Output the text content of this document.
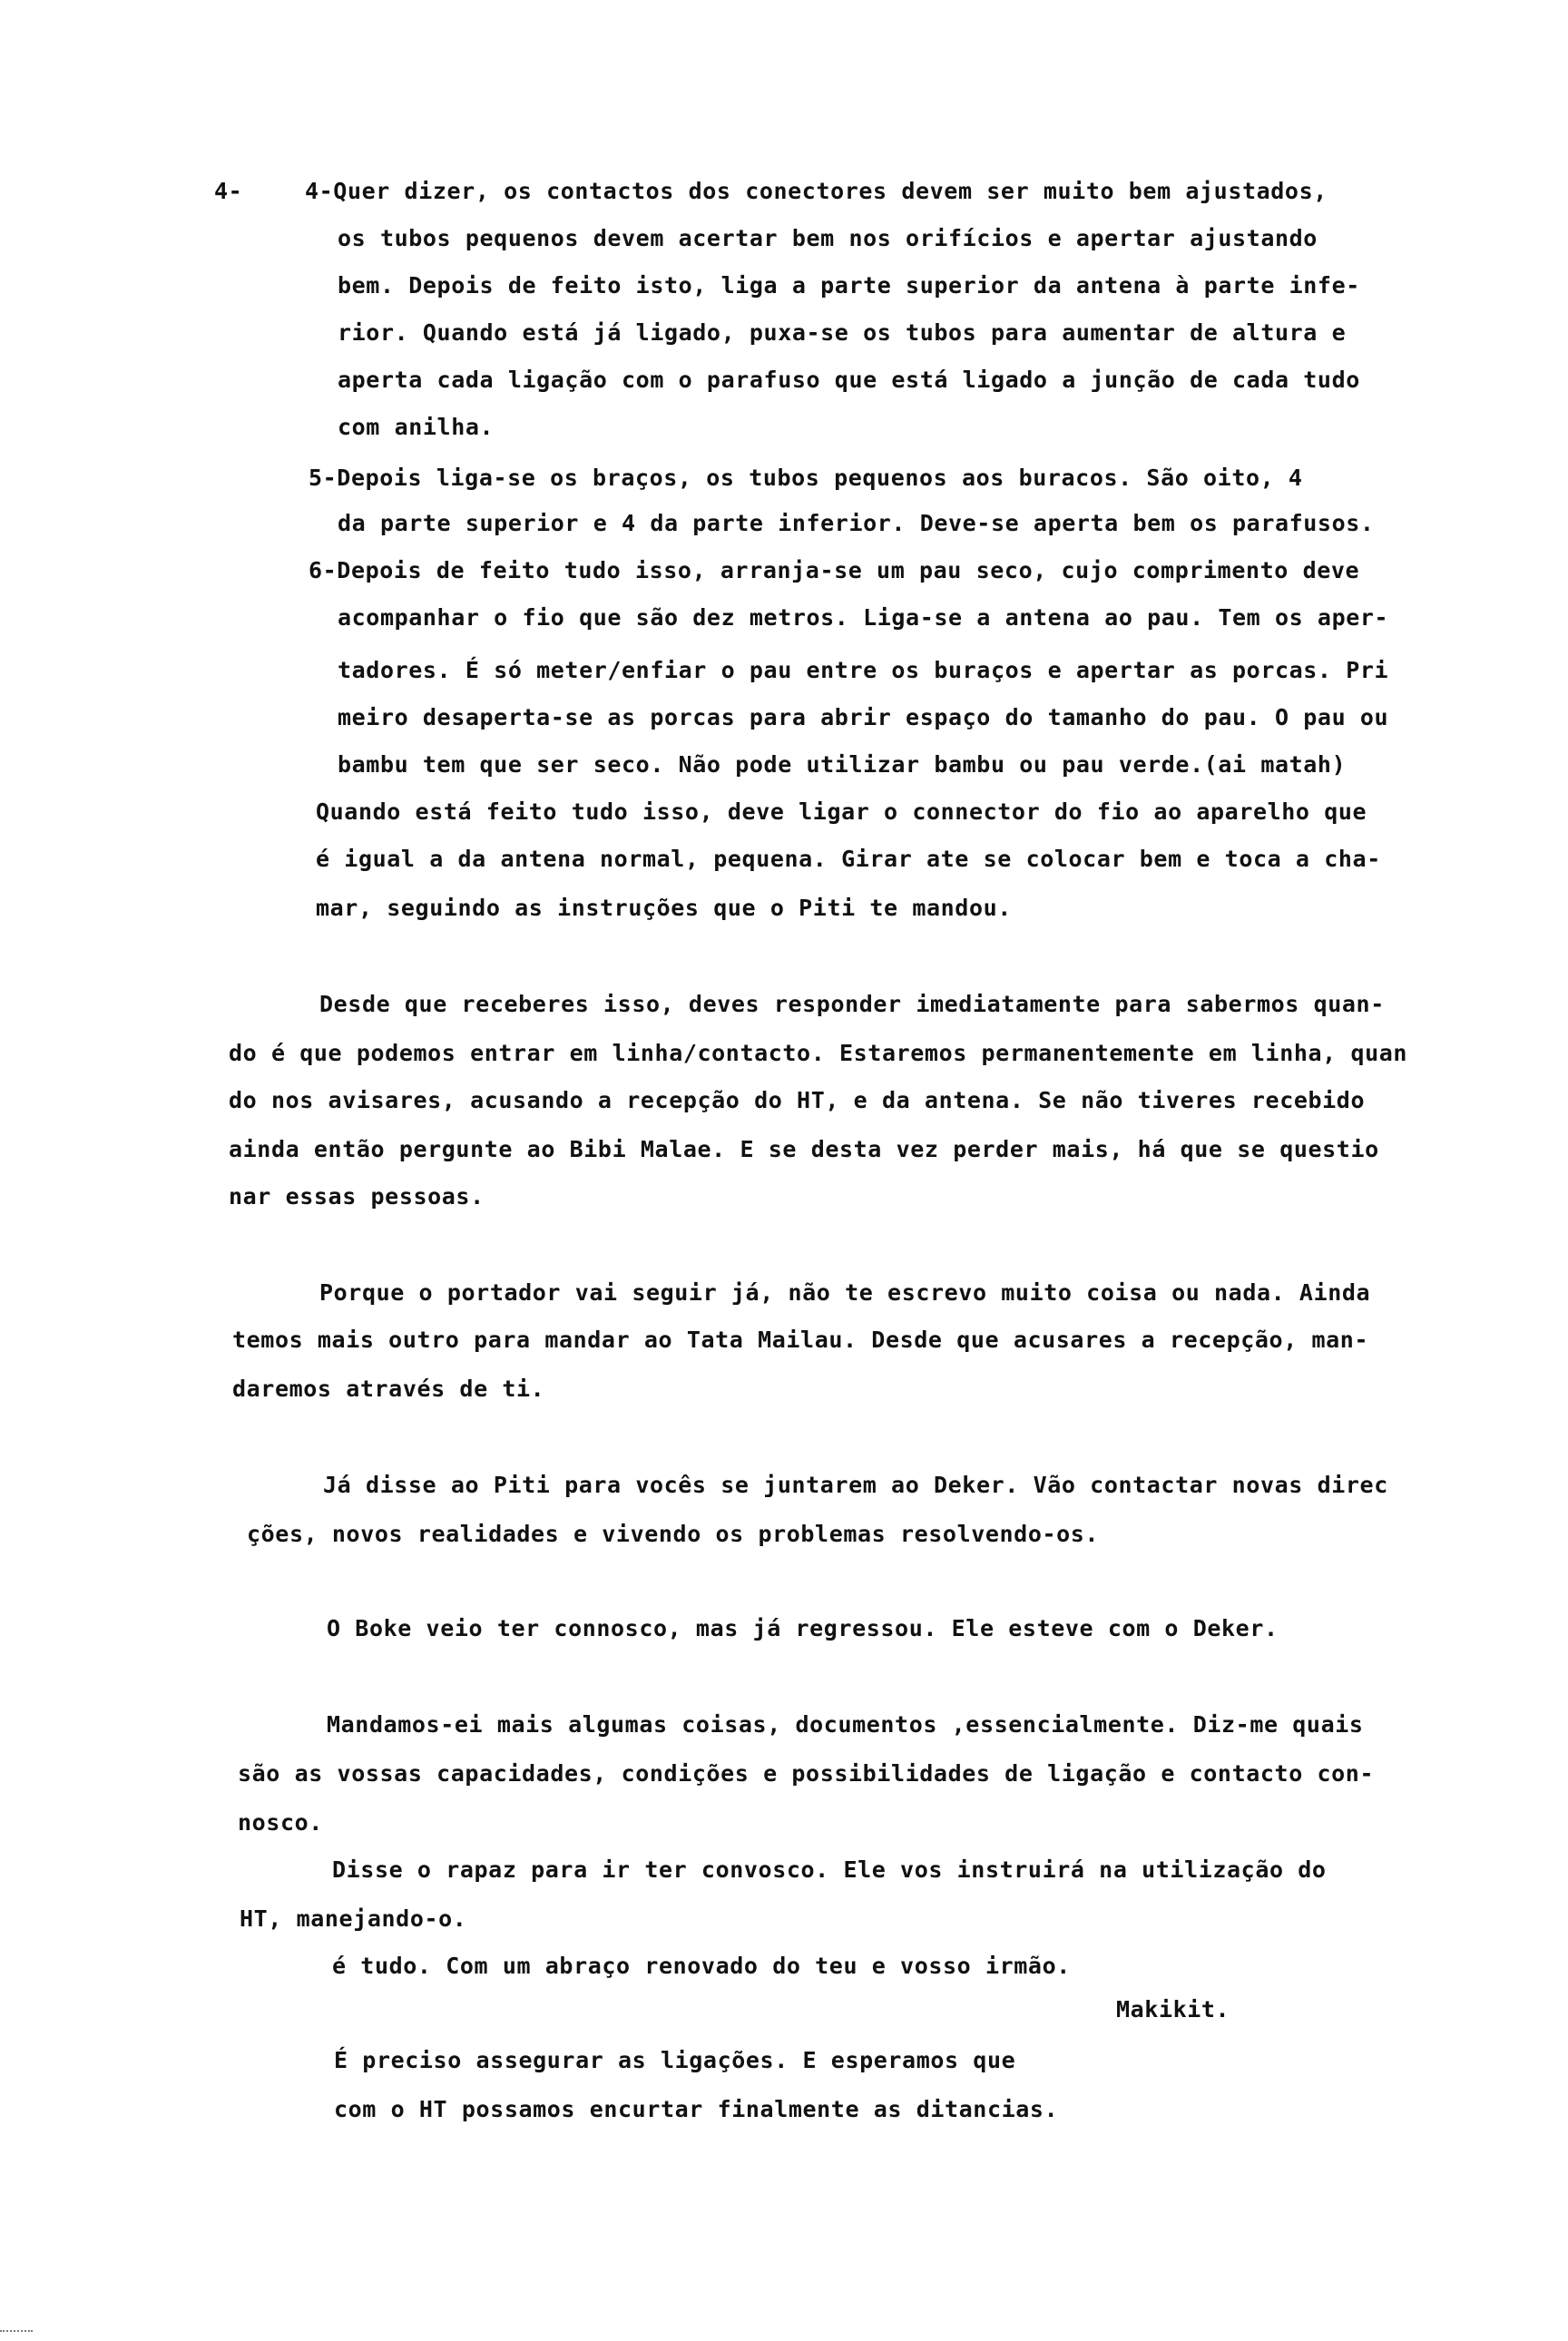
4-	4-Quer dizer, os contactos dos conectores devem ser muito bem ajustados,
os tubos pequenos devem acertar bem nos orifícios e apertar ajustando
bem. Depois de feito isto, liga a parte superior da antena à parte infe-
rior. Quando está já ligado, puxa-se os tubos para aumentar de altura e
aperta cada ligação com o parafuso que está ligado a junção de cada tudo
com anilha.
5-Depois liga-se os braços, os tubos pequenos aos buracos. São oito, 4
da parte superior e 4 da parte inferior. Deve-se aperta bem os parafusos.
6-Depois de feito tudo isso, arranja-se um pau seco, cujo comprimento deve
acompanhar o fio que são dez metros. Liga-se a antena ao pau. Tem os aper-
tadores. É só meter/enfiar o pau entre os buraços e apertar as porcas. Pri
meiro desaperta-se as porcas para abrir espaço do tamanho do pau. O pau ou
bambu tem que ser seco. Não pode utilizar bambu ou pau verde.(ai matah)
Quando está feito tudo isso, deve ligar o connector do fio ao aparelho que
é igual a da antena normal, pequena. Girar ate se colocar bem e toca a cha-
mar, seguindo as instruções que o Piti te mandou.
Desde que receberes isso, deves responder imediatamente para sabermos quan-
do é que podemos entrar em linha/contacto. Estaremos permanentemente em linha, quan
do nos avisares, acusando a recepção do HT, e da antena. Se não tiveres recebido
ainda então pergunte ao Bibi Malae. E se desta vez perder mais, há que se questio
nar essas pessoas.
Porque o portador vai seguir já, não te escrevo muito coisa ou nada. Ainda
temos mais outro para mandar ao Tata Mailau. Desde que acusares a recepção, man-
daremos através de ti.
Já disse ao Piti para vocês se juntarem ao Deker. Vão contactar novas direc
ções, novos realidades e vivendo os problemas resolvendo-os.
O Boke veio ter connosco, mas já regressou. Ele esteve com o Deker.
Mandamos-ei mais algumas coisas, documentos ,essencialmente. Diz-me quais
são as vossas capacidades, condições e possibilidades de ligação e contacto con-
nosco.
Disse o rapaz para ir ter convosco. Ele vos instruirá na utilização do
HT, manejando-o.
é tudo. Com um abraço renovado do teu e vosso irmão.
Makikit.
É preciso assegurar as ligações. E esperamos que
com o HT possamos encurtar finalmente as ditancias.
